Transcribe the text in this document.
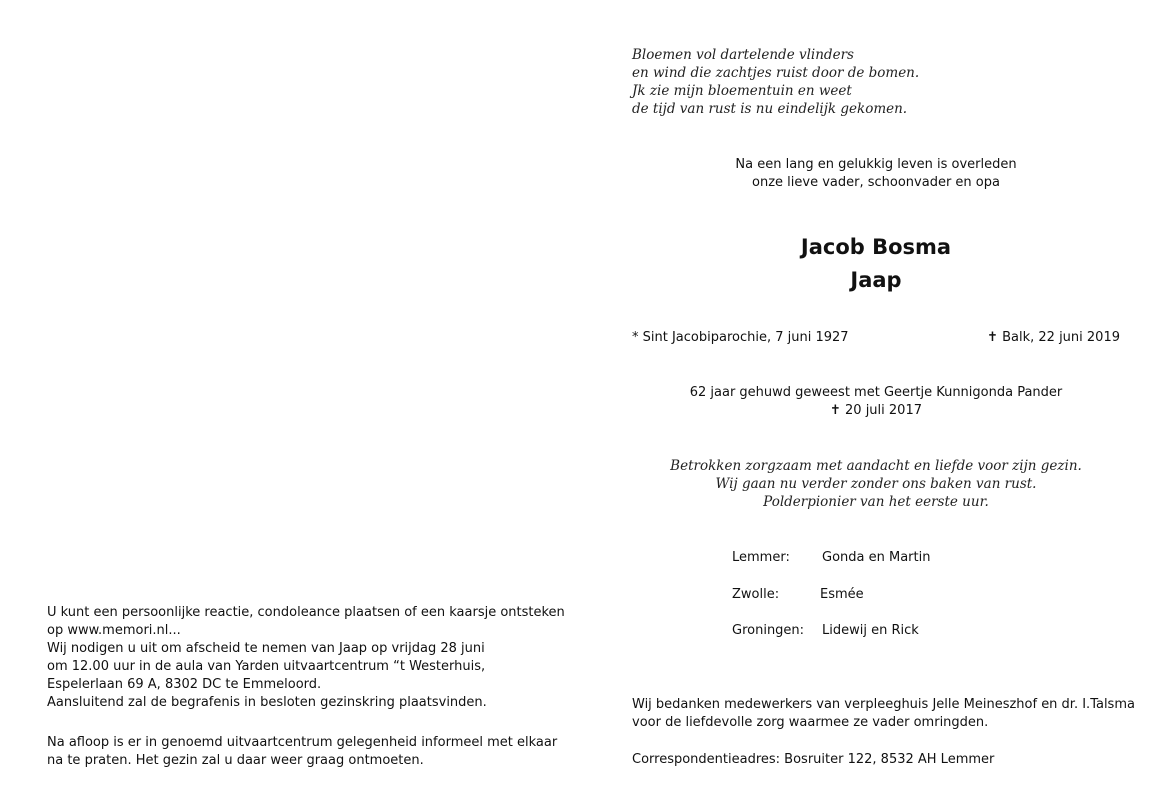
U kunt een persoonlijke reactie, condoleance plaatsen of een kaarsje ontsteken
op www.memori.nl...
Wij nodigen u uit om afscheid te nemen van Jaap op vrijdag 28 juni
om 12.00 uur in de aula van Yarden uitvaartcentrum “t Westerhuis,
Espelerlaan 69 A, 8302 DC te Emmeloord.
Aansluitend zal de begrafenis in besloten gezinskring plaatsvinden.
Na afloop is er in genoemd uitvaartcentrum gelegenheid informeel met elkaar
na te praten. Het gezin zal u daar weer graag ontmoeten.
Bloemen vol dartelende vlinders
en wind die zachtjes ruist door de bomen.
Jk zie mijn bloementuin en weet
de tijd van rust is nu eindelijk gekomen.
Na een lang en gelukkig leven is overleden
onze lieve vader, schoonvader en opa
Jacob Bosma
Jaap
* Sint Jacobiparochie, 7 juni 1927	✝ Balk, 22 juni 2019
62 jaar gehuwd geweest met Geertje Kunnigonda Pander
✝ 20 juli 2017
Betrokken zorgzaam met aandacht en liefde voor zijn gezin.
Wij gaan nu verder zonder ons baken van rust.
Polderpionier van het eerste uur.
Lemmer: Gonda en Martin
Zwolle:	Esmée
Groningen: Lidewij en Rick
Wij bedanken medewerkers van verpleeghuis Jelle Meineszhof en dr. I.Talsma
voor de liefdevolle zorg waarmee ze vader omringden.
Correspondentieadres: Bosruiter 122, 8532 AH Lemmer
